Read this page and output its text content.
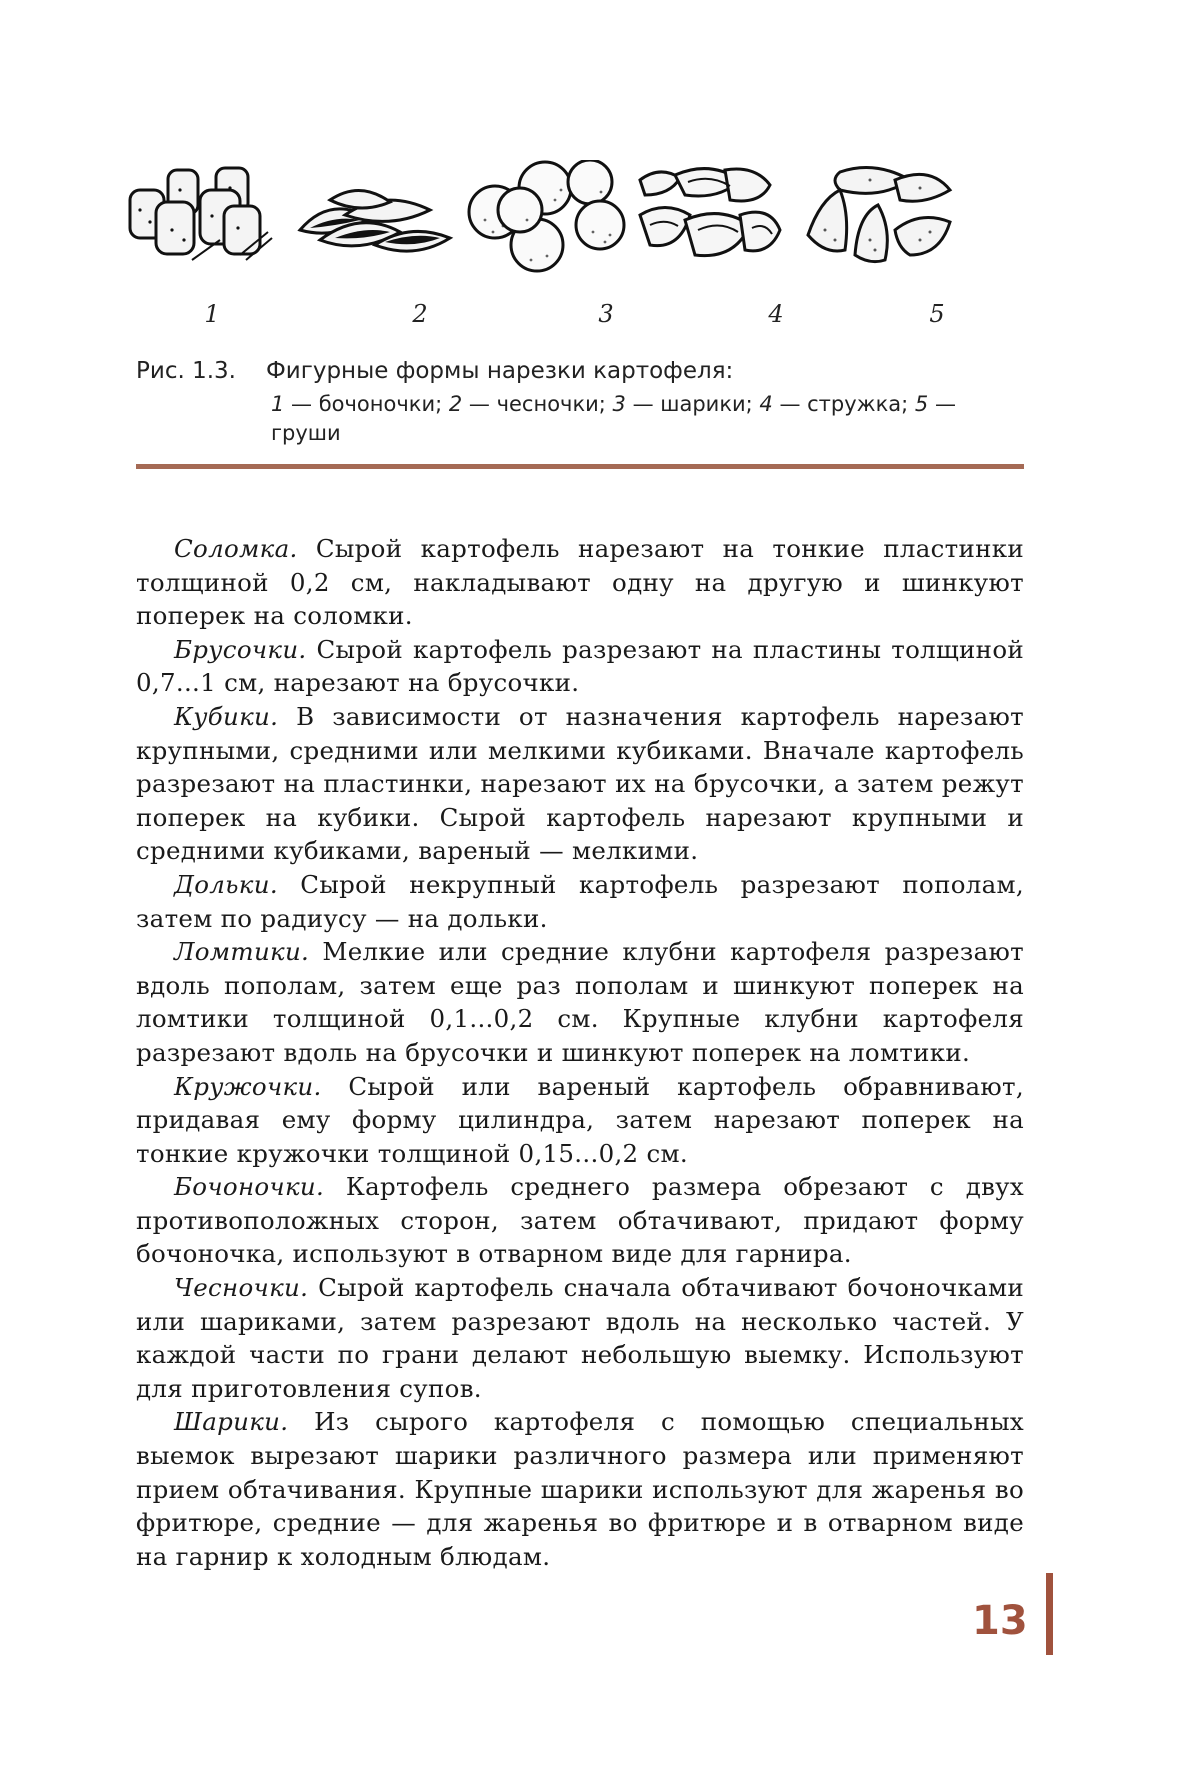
1	2	3	4	5
Рис. 1.3.	Фигурные формы нарезки картофеля:
1 — бочоночки; 2 — чесночки; 3 — шарики; 4 — стружка; 5 — груши

Соломка. Сырой картофель нарезают на тонкие пластинки толщиной 0,2 см, накладывают одну на другую и шинкуют поперек на соломки.

Брусочки. Сырой картофель разрезают на пластины толщиной 0,7...1 см, нарезают на брусочки.

Кубики. В зависимости от назначения картофель нарезают крупными, средними или мелкими кубиками. Вначале картофель разрезают на пластинки, нарезают их на брусочки, а затем режут поперек на кубики. Сырой картофель нарезают крупными и средними кубиками, вареный — мелкими.

Дольки. Сырой некрупный картофель разрезают пополам, затем по радиусу — на дольки.

Ломтики. Мелкие или средние клубни картофеля разрезают вдоль пополам, затем еще раз пополам и шинкуют поперек на ломтики толщиной 0,1...0,2 см. Крупные клубни картофеля разрезают вдоль на брусочки и шинкуют поперек на ломтики.

Кружочки. Сырой или вареный картофель обравнивают, придавая ему форму цилиндра, затем нарезают поперек на тонкие кружочки толщиной 0,15...0,2 см.

Бочоночки. Картофель среднего размера обрезают с двух противоположных сторон, затем обтачивают, придают форму бочоночка, используют в отварном виде для гарнира.

Чесночки. Сырой картофель сначала обтачивают бочоночками или шариками, затем разрезают вдоль на несколько частей. У каждой части по грани делают небольшую выемку. Используют для приготовления супов.

Шарики. Из сырого картофеля с помощью специальных выемок вырезают шарики различного размера или применяют прием обтачивания. Крупные шарики используют для жаренья во фритюре, средние — для жаренья во фритюре и в отварном виде на гарнир к холодным блюдам.

13
